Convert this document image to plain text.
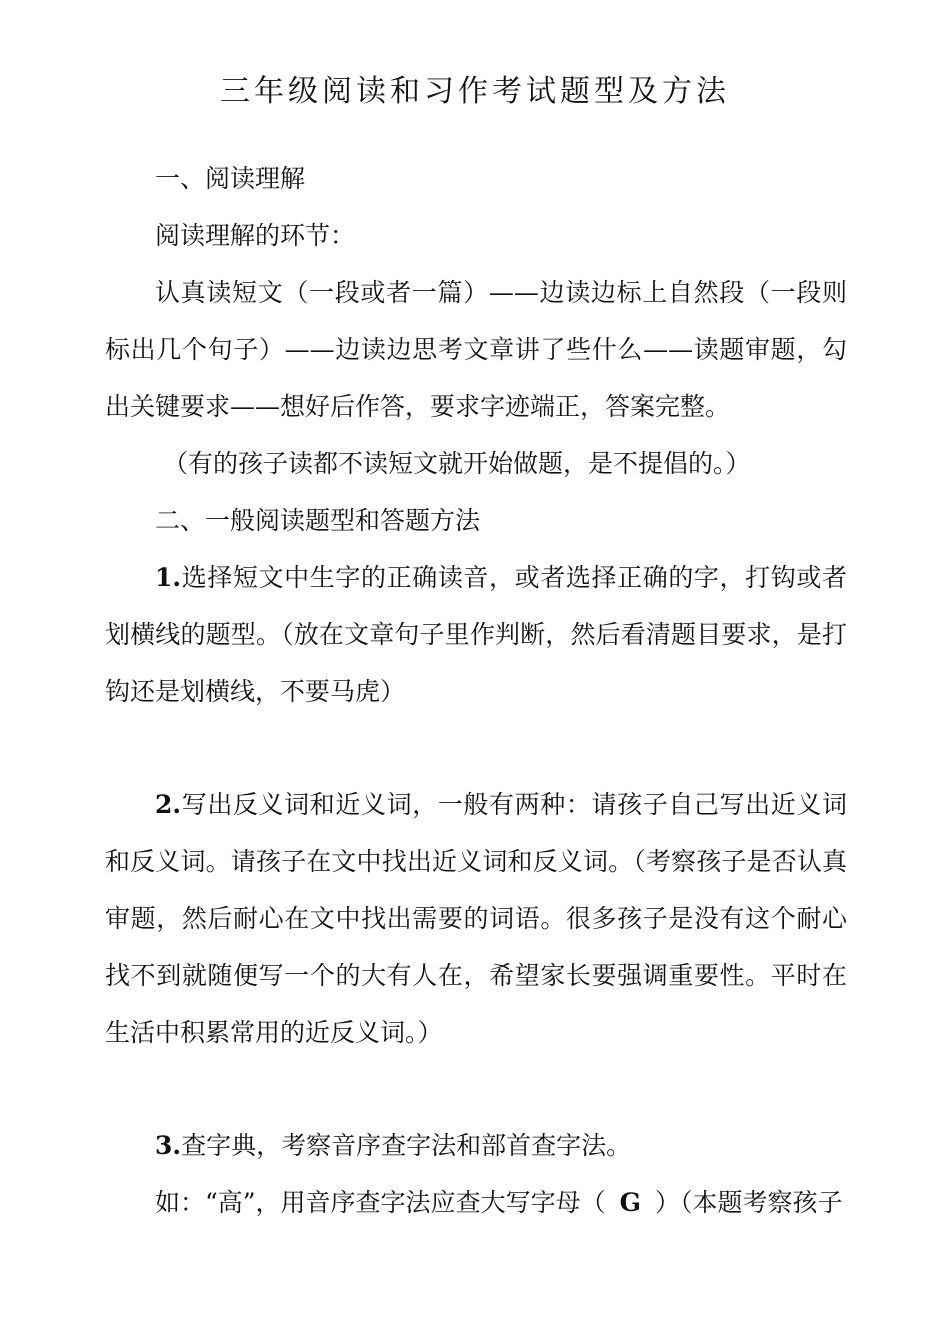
三年级阅读和习作考试题型及方法

一、阅读理解

阅读理解的环节：

认真读短文（一段或者一篇）——边读边标上自然段（一段则标出几个句子）——边读边思考文章讲了些什么——读题审题，勾出关键要求——想好后作答，要求字迹端正，答案完整。

（有的孩子读都不读短文就开始做题，是不提倡的。）

二、一般阅读题型和答题方法

1.选择短文中生字的正确读音，或者选择正确的字，打钩或者划横线的题型。（放在文章句子里作判断，然后看清题目要求，是打钩还是划横线，不要马虎）

2.写出反义词和近义词，一般有两种：请孩子自己写出近义词和反义词。请孩子在文中找出近义词和反义词。（考察孩子是否认真审题，然后耐心在文中找出需要的词语。很多孩子是没有这个耐心找不到就随便写一个的大有人在，希望家长要强调重要性。平时在生活中积累常用的近反义词。）

3.查字典，考察音序查字法和部首查字法。

如：“高”，用音序查字法应查大写字母（ G ）（本题考察孩子
